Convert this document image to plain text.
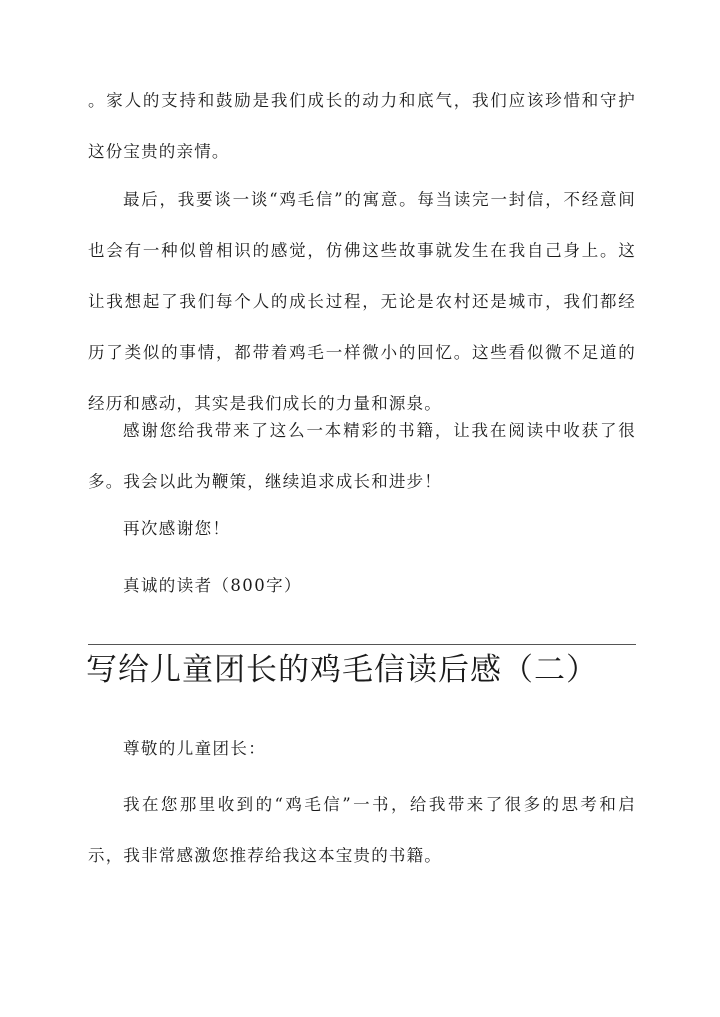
。家人的支持和鼓励是我们成长的动力和底气，我们应该珍惜和守护这份宝贵的亲情。

最后，我要谈一谈“鸡毛信”的寓意。每当读完一封信，不经意间也会有一种似曾相识的感觉，仿佛这些故事就发生在我自己身上。这让我想起了我们每个人的成长过程，无论是农村还是城市，我们都经历了类似的事情，都带着鸡毛一样微小的回忆。这些看似微不足道的经历和感动，其实是我们成长的力量和源泉。

感谢您给我带来了这么一本精彩的书籍，让我在阅读中收获了很多。我会以此为鞭策，继续追求成长和进步！

再次感谢您！
真诚的读者（800字）
写给儿童团长的鸡毛信读后感（二）
尊敬的儿童团长：

我在您那里收到的“鸡毛信”一书，给我带来了很多的思考和启示，我非常感激您推荐给我这本宝贵的书籍。
